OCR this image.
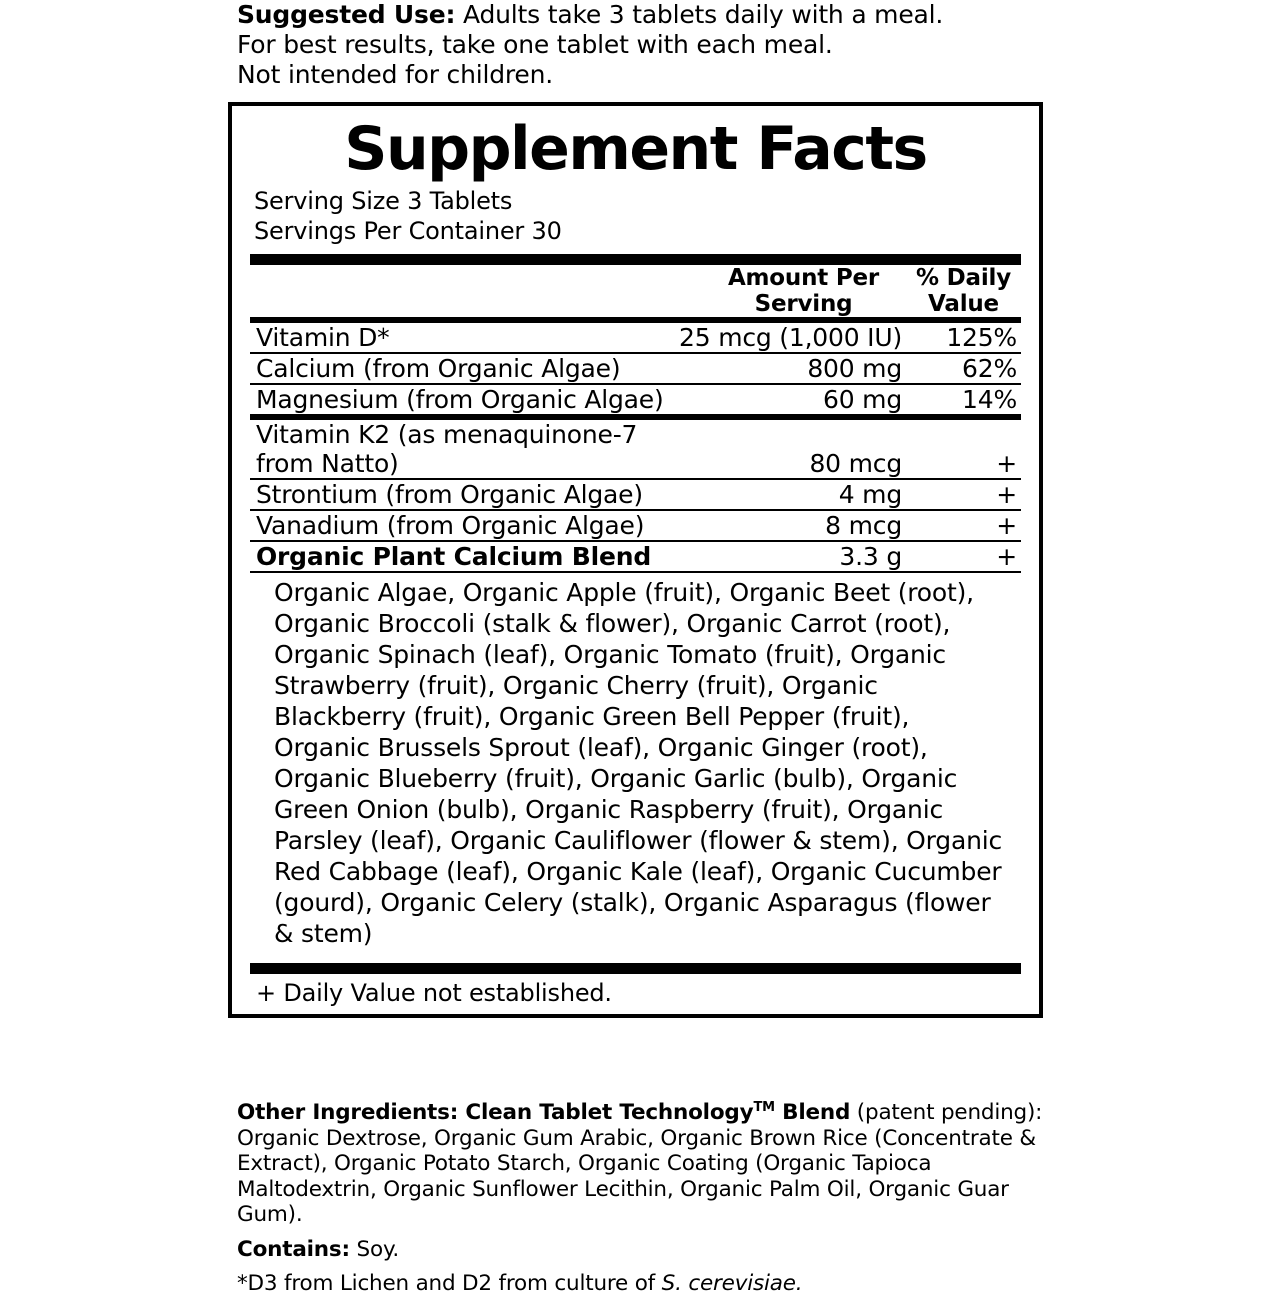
Suggested Use: Adults take 3 tablets daily with a meal.
For best results, take one tablet with each meal.
Not intended for children.
Supplement Facts
Serving Size 3 Tablets
Servings Per Container 30

Amount Per
Serving

% Daily
Value
Vitamin D*	25 mcg (1,000 IU)	125%
Calcium (from Organic Algae)	800 mg	62%
Magnesium (from Organic Algae)	60 mg	14%
Vitamin K2 (as menaquinone-7 from Natto)	80 mcg	+
Strontium (from Organic Algae)	4 mg	+
Vanadium (from Organic Algae)	8 mcg	+
Organic Plant Calcium Blend	3.3 g	+
Organic Algae, Organic Apple (fruit), Organic Beet (root), Organic Broccoli (stalk & flower), Organic Carrot (root), Organic Spinach (leaf), Organic Tomato (fruit), Organic Strawberry (fruit), Organic Cherry (fruit), Organic Blackberry (fruit), Organic Green Bell Pepper (fruit), Organic Brussels Sprout (leaf), Organic Ginger (root), Organic Blueberry (fruit), Organic Garlic (bulb), Organic Green Onion (bulb), Organic Raspberry (fruit), Organic Parsley (leaf), Organic Cauliflower (flower & stem), Organic Red Cabbage (leaf), Organic Kale (leaf), Organic Cucumber (gourd), Organic Celery (stalk), Organic Asparagus (flower & stem)
+ Daily Value not established.

Other Ingredients: Clean Tablet Technology™ Blend (patent pending): Organic Dextrose, Organic Gum Arabic, Organic Brown Rice (Concentrate & Extract), Organic Potato Starch, Organic Coating (Organic Tapioca Maltodextrin, Organic Sunflower Lecithin, Organic Palm Oil, Organic Guar Gum).

Contains: Soy.

*D3 from Lichen and D2 from culture of S. cerevisiae.
